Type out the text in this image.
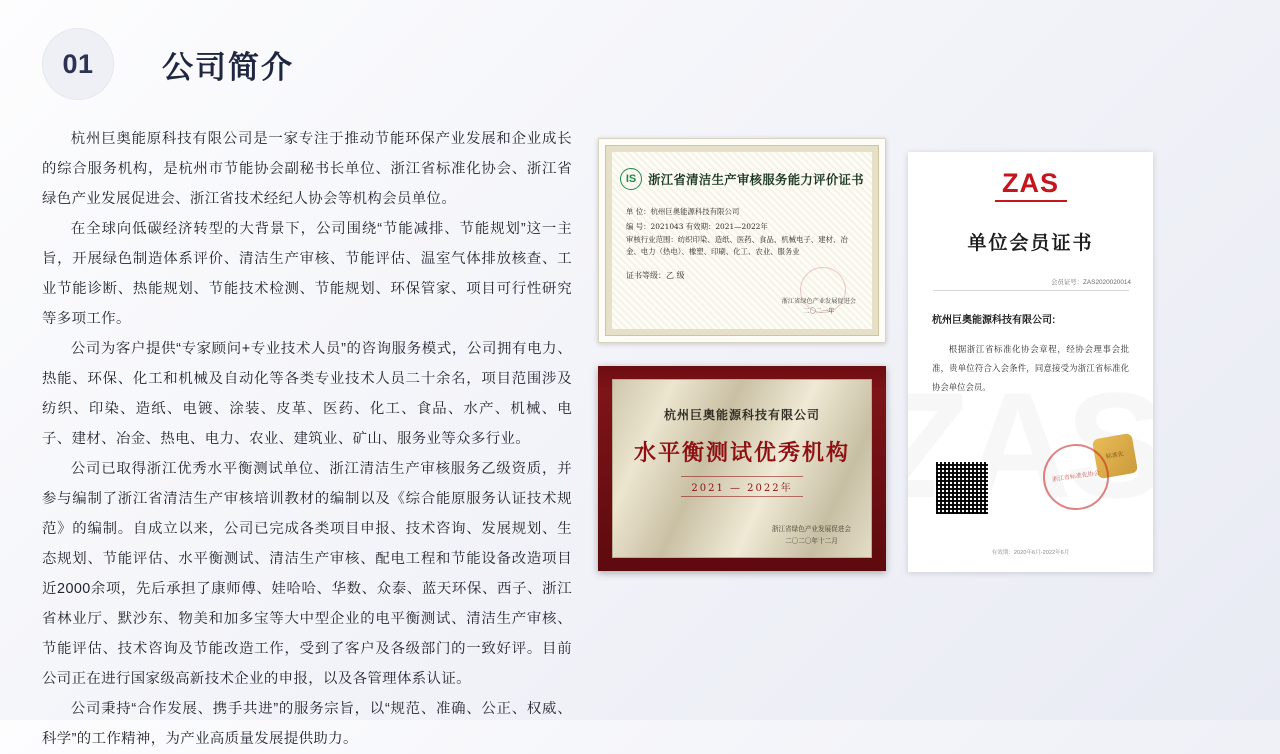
01 公司简介

杭州巨奥能原科技有限公司是一家专注于推动节能环保产业发展和企业成长的综合服务机构，是杭州市节能协会副秘书长单位、浙江省标准化协会、浙江省绿色产业发展促进会、浙江省技术经纪人协会等机构会员单位。

在全球向低碳经济转型的大背景下，公司围绕“节能减排、节能规划”这一主旨，开展绿色制造体系评价、清洁生产审核、节能评估、温室气体排放核查、工业节能诊断、热能规划、节能技术检测、节能规划、环保管家、项目可行性研究等多项工作。

公司为客户提供“专家顾问+专业技术人员”的咨询服务模式，公司拥有电力、热能、环保、化工和机械及自动化等各类专业技术人员二十余名，项目范围涉及纺织、印染、造纸、电镀、涂装、皮革、医药、化工、食品、水产、机械、电子、建材、冶金、热电、电力、农业、建筑业、矿山、服务业等众多行业。

公司已取得浙江优秀水平衡测试单位、浙江清洁生产审核服务乙级资质，并参与编制了浙江省清洁生产审核培训教材的编制以及《综合能原服务认证技术规范》的编制。自成立以来，公司已完成各类项目申报、技术咨询、发展规划、生态规划、节能评估、水平衡测试、清洁生产审核、配电工程和节能设备改造项目近2000余项，先后承担了康师傅、娃哈哈、华数、众泰、蓝天环保、西子、浙江省林业厅、默沙东、物美和加多宝等大中型企业的电平衡测试、清洁生产审核、节能评估、技术咨询及节能改造工作，受到了客户及各级部门的一致好评。目前公司正在进行国家级高新技术企业的申报，以及各管理体系认证。

公司秉持“合作发展、携手共进”的服务宗旨，以“规范、准确、公正、权威、科学”的工作精神，为产业高质量发展提供助力。

IS 浙江省清洁生产审核服务能力评价证书
单 位：杭州巨奥能源科技有限公司
编 号：2021043 有效期：2021—2022年
审核行业范围：纺织印染、造纸、医药、食品、机械电子、建材、冶金、电力（热电）、橡塑、印刷、化工、农业、服务业
证书等级：乙 级
浙江省绿色产业发展促进会
二〇二一年
ZAS
单位会员证书
会员证号：ZAS2020020014
杭州巨奥能源科技有限公司:
根据浙江省标准化协会章程，经协会理事会批准，贵单位符合入会条件，同意接受为浙江省标准化协会单位会员。
标准化
浙江省标准化协会
有效期：2020年6月-2022年6月
杭州巨奥能源科技有限公司
水平衡测试优秀机构
2021 — 2022年
浙江省绿色产业发展促进会
二〇二〇年十二月
